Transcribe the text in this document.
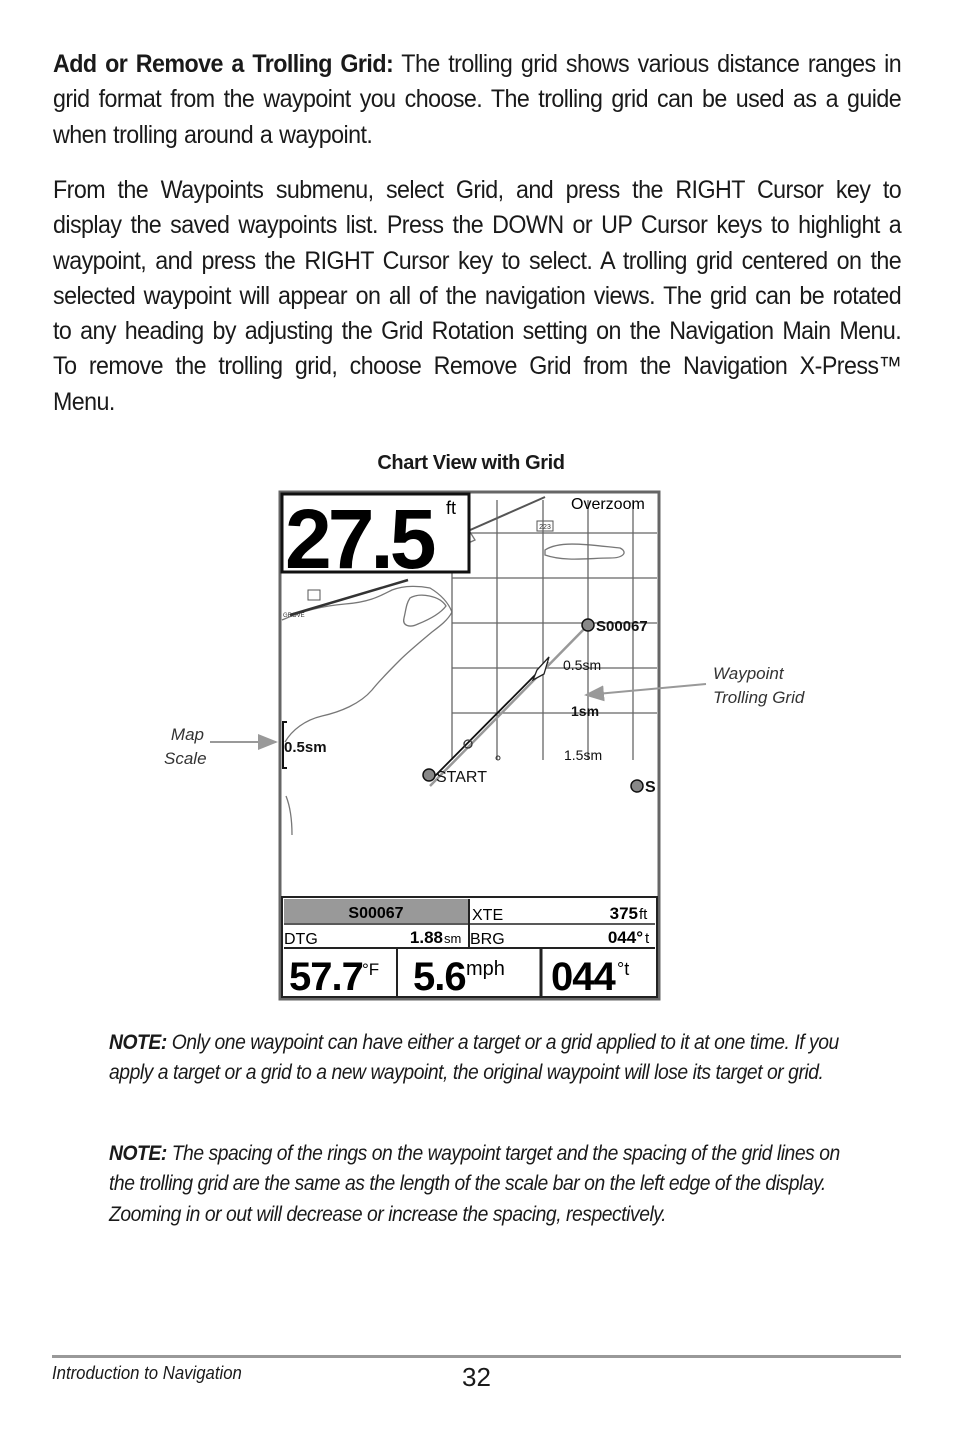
Add or Remove a Trolling Grid: The trolling grid shows various distance ranges in grid format from the waypoint you choose. The trolling grid can be used as a guide when trolling around a waypoint.
From the Waypoints submenu, select Grid, and press the RIGHT Cursor key to display the saved waypoints list. Press the DOWN or UP Cursor keys to highlight a waypoint, and press the RIGHT Cursor key to select. A trolling grid centered on the selected waypoint will appear on all of the navigation views. The grid can be rotated to any heading by adjusting the Grid Rotation setting on the Navigation Main Menu. To remove the trolling grid, choose Remove Grid from the Navigation X-Press™ Menu.
Chart View with Grid
223
GROVE
S00067
START
S
0.5sm
1sm
1.5sm
0.5sm
27.5 ft	Overzoom
S00067	XTE	375 ft
DTG	1.88 sm BRG	044° t
57.7 °F 5.6 mph 044 °t
Map
Scale
Waypoint
Trolling Grid
NOTE: Only one waypoint can have either a target or a grid applied to it at one time. If you apply a target or a grid to a new waypoint, the original waypoint will lose its target or grid.
NOTE: The spacing of the rings on the waypoint target and the spacing of the grid lines on the trolling grid are the same as the length of the scale bar on the left edge of the display. Zooming in or out will decrease or increase the spacing, respectively.
Introduction to Navigation	32
